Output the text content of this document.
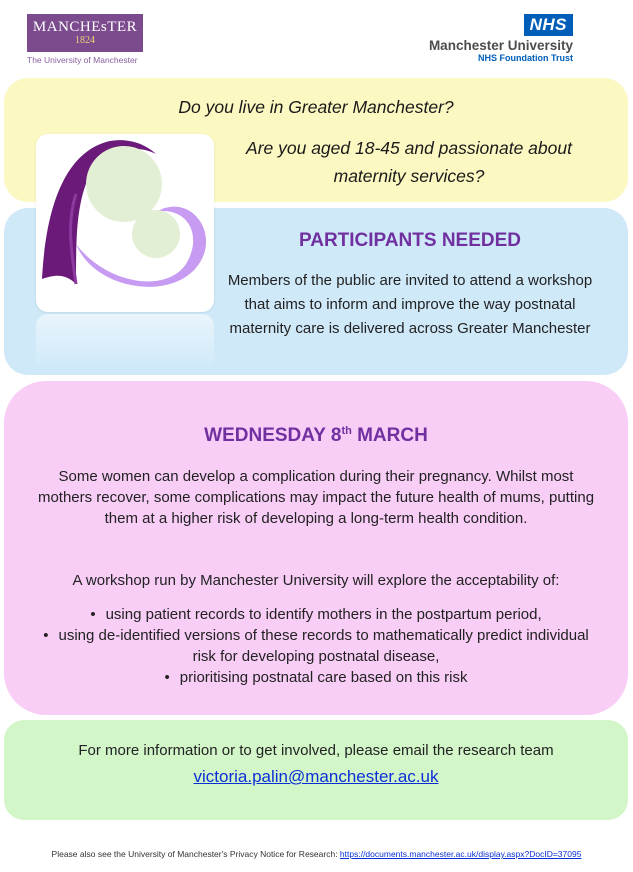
MANCHEsTER
1824
The University of Manchester
NHS
Manchester University
NHS Foundation Trust
Do you live in Greater Manchester?
Are you aged 18-45 and passionate about maternity services?
PARTICIPANTS NEEDED
Members of the public are invited to attend a workshop that aims to inform and improve the way postnatal maternity care is delivered across Greater Manchester
WEDNESDAY 8th MARCH
Some women can develop a complication during their pregnancy. Whilst most mothers recover, some complications may impact the future health of mums, putting them at a higher risk of developing a long-term health condition.
A workshop run by Manchester University will explore the acceptability of:
• using patient records to identify mothers in the postpartum period,
• using de-identified versions of these records to mathematically predict individual risk for developing postnatal disease,
• prioritising postnatal care based on this risk
For more information or to get involved, please email the research team
victoria.palin@manchester.ac.uk
Please also see the University of Manchester's Privacy Notice for Research: https://documents.manchester.ac.uk/display.aspx?DocID=37095
